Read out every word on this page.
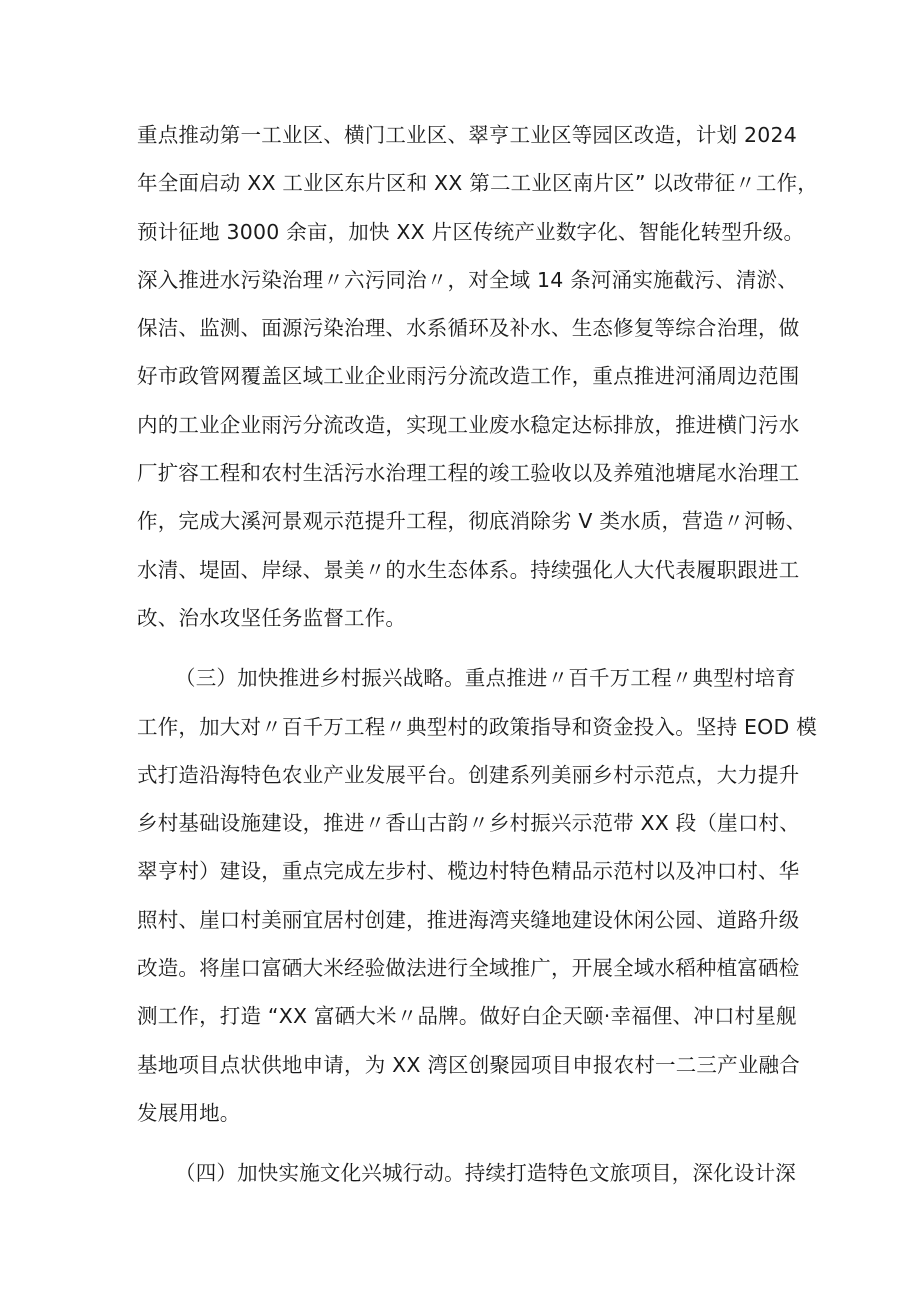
重点推动第一工业区、横门工业区、翠亨工业区等园区改造，计划 2024
年全面启动 XX 工业区东片区和 XX 第二工业区南片区” 以改带征〃工作，
预计征地 3000 余亩，加快 XX 片区传统产业数字化、智能化转型升级。
深入推进水污染治理〃六污同治〃，对全域 14 条河涌实施截污、清淤、
保洁、监测、面源污染治理、水系循环及补水、生态修复等综合治理，做
好市政管网覆盖区域工业企业雨污分流改造工作，重点推进河涌周边范围
内的工业企业雨污分流改造，实现工业废水稳定达标排放，推进横门污水
厂扩容工程和农村生活污水治理工程的竣工验收以及养殖池塘尾水治理工
作，完成大溪河景观示范提升工程，彻底消除劣 V 类水质，营造〃河畅、
水清、堤固、岸绿、景美〃的水生态体系。持续强化人大代表履职跟进工
改、治水攻坚任务监督工作。
（三）加快推进乡村振兴战略。重点推进〃百千万工程〃典型村培育
工作，加大对〃百千万工程〃典型村的政策指导和资金投入。坚持 EOD 模
式打造沿海特色农业产业发展平台。创建系列美丽乡村示范点，大力提升
乡村基础设施建设，推进〃香山古韵〃乡村振兴示范带 XX 段（崖口村、
翠亨村）建设，重点完成左步村、榄边村特色精品示范村以及冲口村、华
照村、崖口村美丽宜居村创建，推进海湾夹缝地建设休闲公园、道路升级
改造。将崖口富硒大米经验做法进行全域推广，开展全域水稻种植富硒检
测工作，打造 “XX 富硒大米〃品牌。做好白企天颐·幸福俚、冲口村星舰
基地项目点状供地申请，为 XX 湾区创聚园项目申报农村一二三产业融合
发展用地。
（四）加快实施文化兴城行动。持续打造特色文旅项目，深化设计深
